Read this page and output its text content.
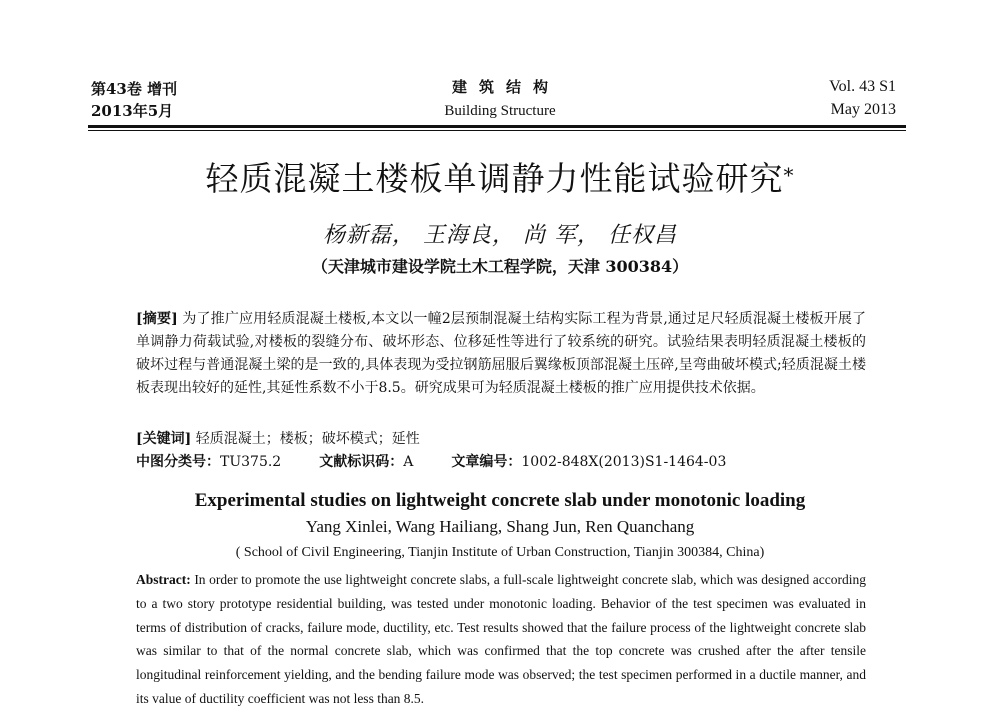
第43卷 增刊
2013年5月
建筑结构
Building Structure
Vol. 43 S1
May 2013
轻质混凝土楼板单调静力性能试验研究*
杨新磊， 王海良， 尚 军， 任权昌
（天津城市建设学院土木工程学院，天津 300384）
[摘要] 为了推广应用轻质混凝土楼板,本文以一幢2层预制混凝土结构实际工程为背景,通过足尺轻质混凝土楼板开展了单调静力荷载试验,对楼板的裂缝分布、破坏形态、位移延性等进行了较系统的研究。试验结果表明轻质混凝土楼板的破坏过程与普通混凝土梁的是一致的,具体表现为受拉钢筋屈服后翼缘板顶部混凝土压碎,呈弯曲破坏模式;轻质混凝土楼板表现出较好的延性,其延性系数不小于8.5。研究成果可为轻质混凝土楼板的推广应用提供技术依据。
[关键词] 轻质混凝土；楼板；破坏模式；延性
中图分类号：TU375.2	文献标识码：A	文章编号：1002-848X(2013)S1-1464-03
Experimental studies on lightweight concrete slab under monotonic loading
Yang Xinlei, Wang Hailiang, Shang Jun, Ren Quanchang
( School of Civil Engineering, Tianjin Institute of Urban Construction, Tianjin 300384, China)
Abstract: In order to promote the use lightweight concrete slabs, a full-scale lightweight concrete slab, which was designed according to a two story prototype residential building, was tested under monotonic loading. Behavior of the test specimen was evaluated in terms of distribution of cracks, failure mode, ductility, etc. Test results showed that the failure process of the lightweight concrete slab was similar to that of the normal concrete slab, which was confirmed that the top concrete was crushed after the after tensile longitudinal reinforcement yielding, and the bending failure mode was observed; the test specimen performed in a ductile manner, and its value of ductility coefficient was not less than 8.5.
